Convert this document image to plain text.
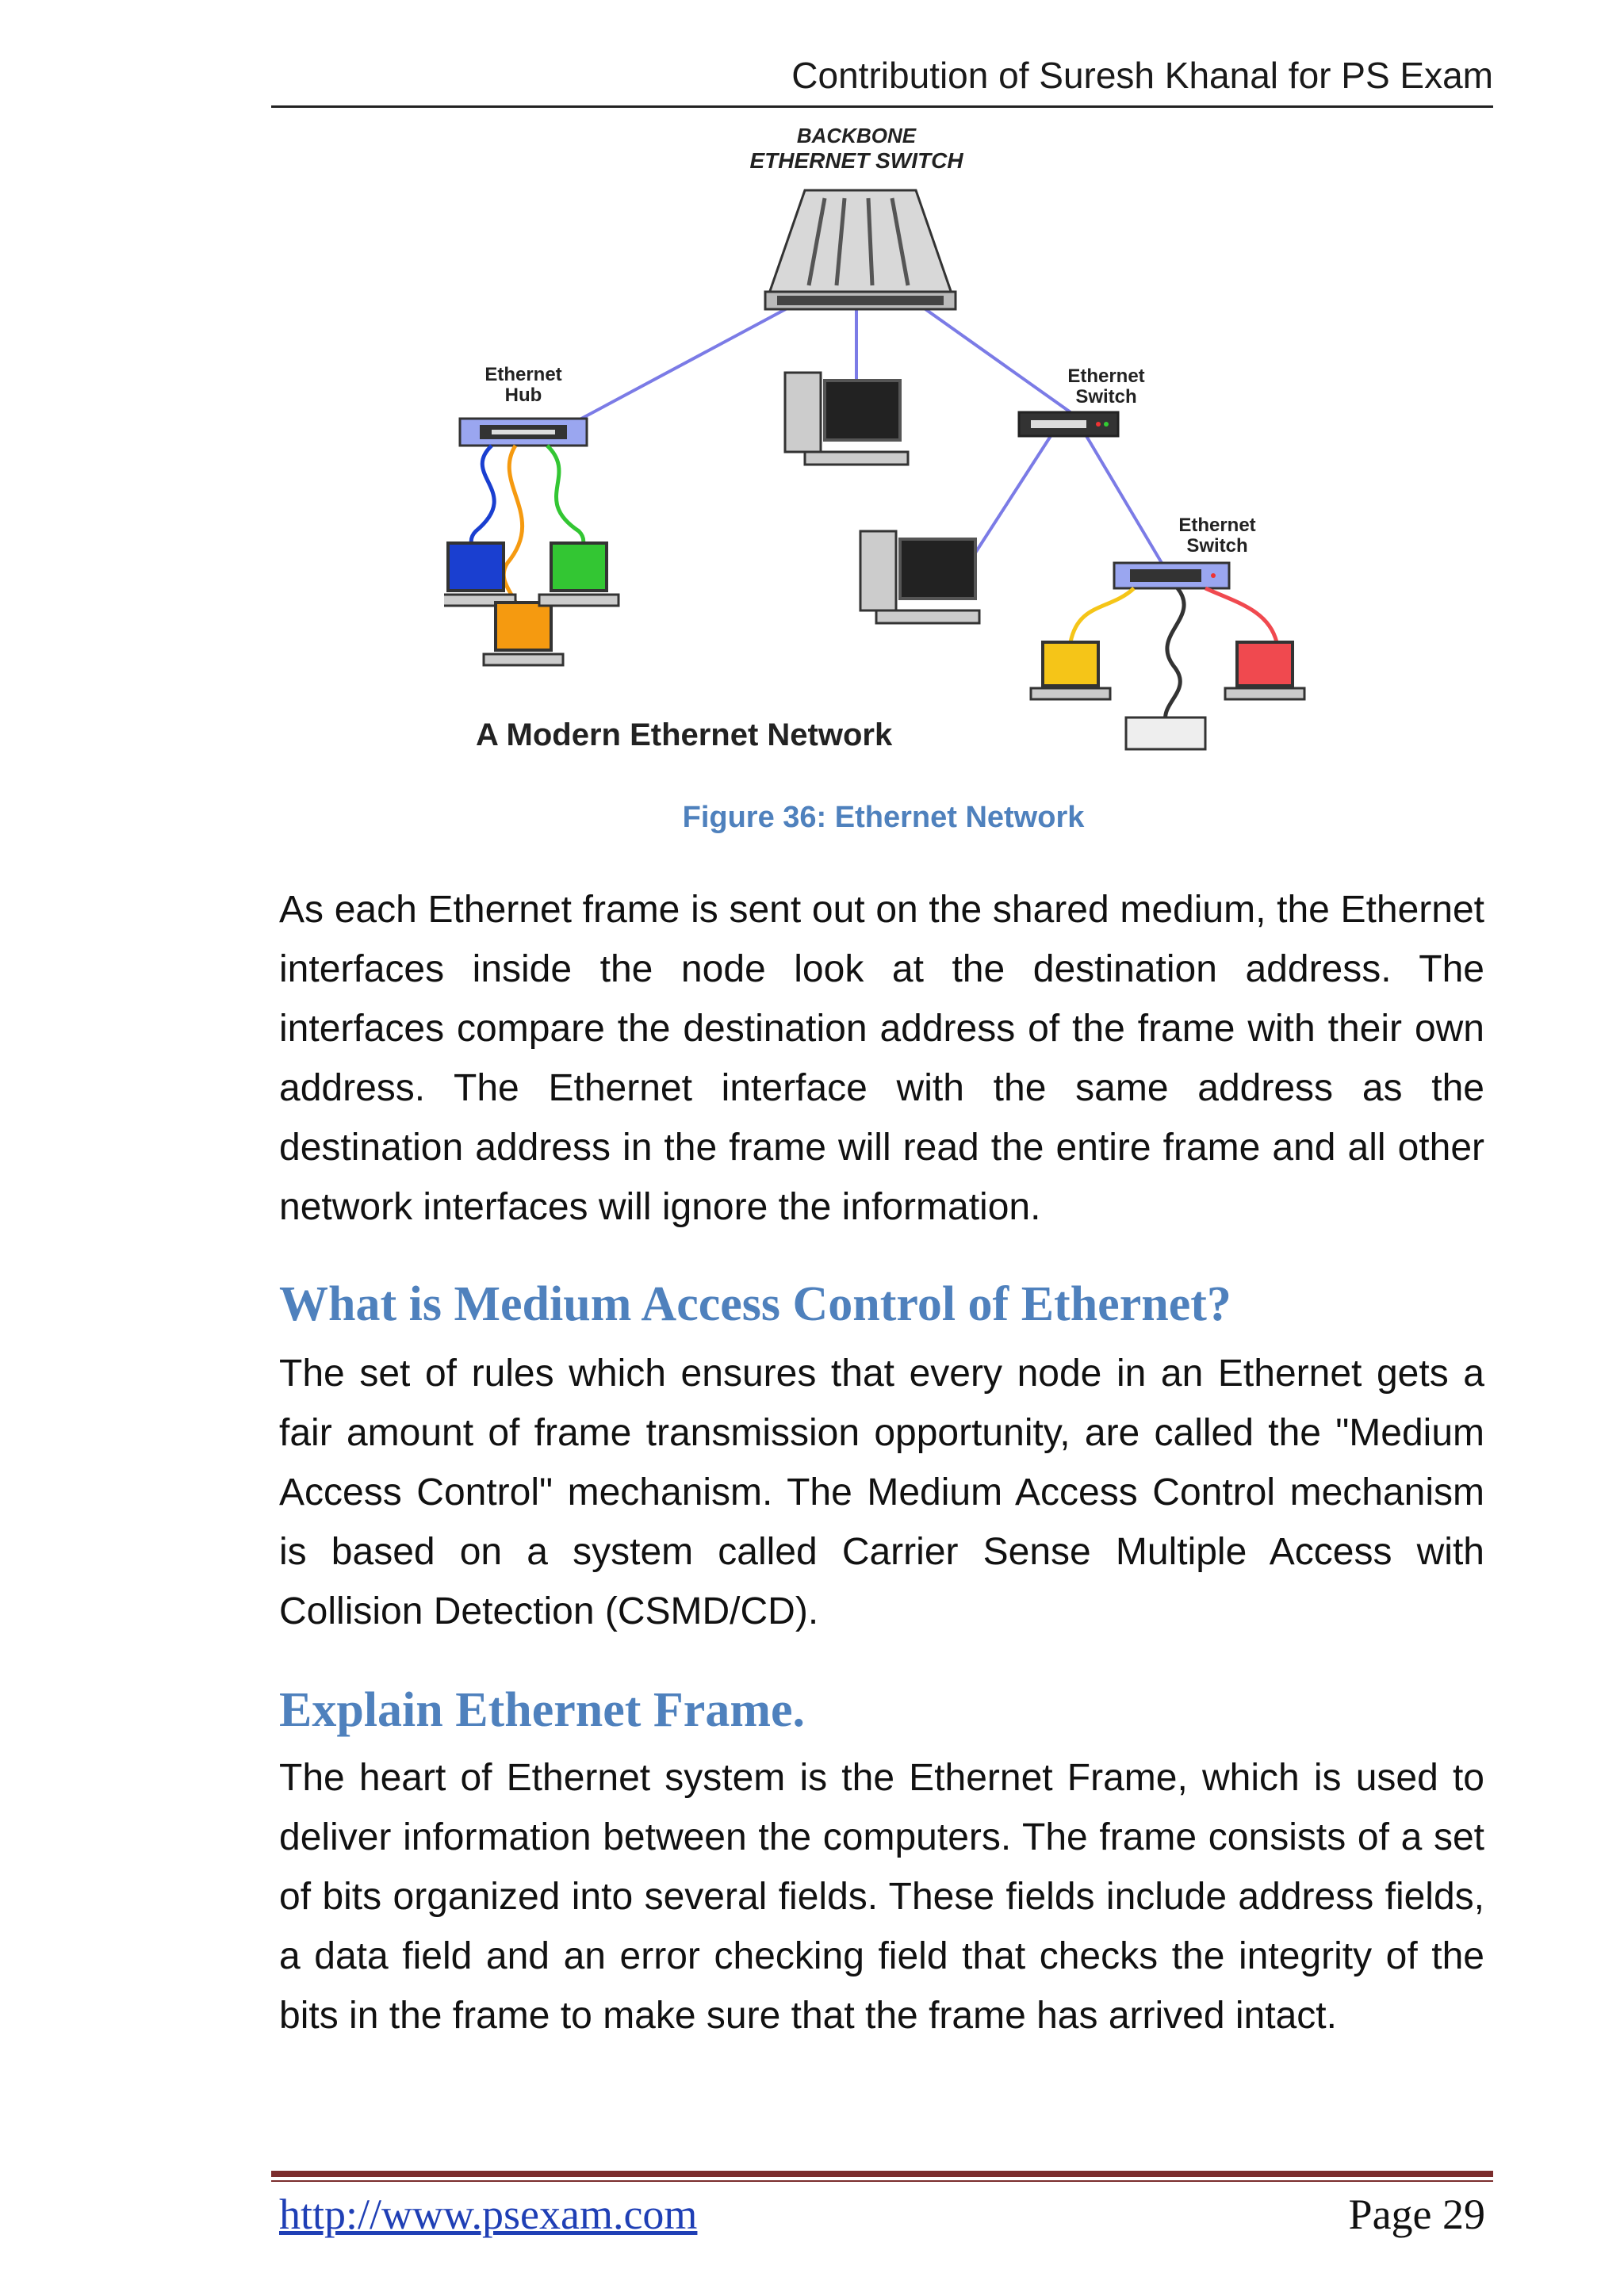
Contribution of Suresh Khanal for PS Exam
BACKBONE
ETHERNET SWITCH
Ethernet
Hub
Ethernet
Switch
Ethernet
Switch
A Modern Ethernet Network
Figure 36: Ethernet Network
As each Ethernet frame is sent out on the shared medium, the Ethernet interfaces inside the node look at the destination address. The interfaces compare the destination address of the frame with their own address. The Ethernet interface with the same address as the destination address in the frame will read the entire frame and all other network interfaces will ignore the information.
What is Medium Access Control of Ethernet?
The set of rules which ensures that every node in an Ethernet gets a fair amount of frame transmission opportunity, are called the "Medium Access Control" mechanism. The Medium Access Control mechanism is based on a system called Carrier Sense Multiple Access with Collision Detection (CSMD/CD).
Explain Ethernet Frame.
The heart of Ethernet system is the Ethernet Frame, which is used to deliver information between the computers. The frame consists of a set of bits organized into several fields. These fields include address fields, a data field and an error checking field that checks the integrity of the bits in the frame to make sure that the frame has arrived intact.
http://www.psexam.com	Page 29
